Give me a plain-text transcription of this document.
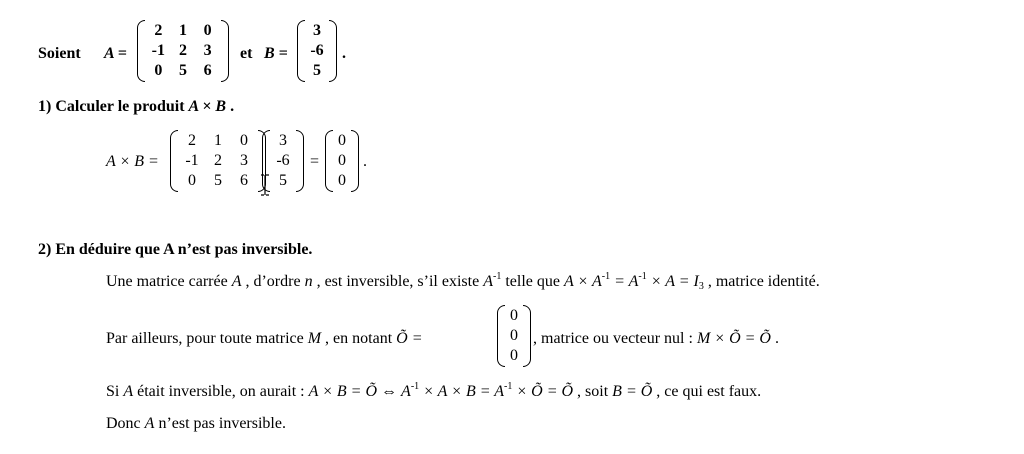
Soient A =
2 1 0
-1 2 3
0 5 6
et B =
3
-6
5
.
1) Calculer le produit A × B .
A × B =
2 1 0
-1 2 3
0 5 6
3
-6
5
=
0
0
0
.
2) En déduire que A n’est pas inversible.
Une matrice carrée A , d’ordre n , est inversible, s’il existe $A^{-1}$ telle que $A \times A^{-1} = A^{-1} \times A = I_3$ , matrice identité.
Par ailleurs, pour toute matrice M , en notant Õ =
0
0
0
, matrice ou vecteur nul : M × Õ = Õ .
Si A était inversible, on aurait : A × B = Õ ⇔ $A^{-1} \times A \times B = A^{-1}$ × Õ = Õ , soit B = Õ , ce qui est faux.
Donc A n’est pas inversible.
